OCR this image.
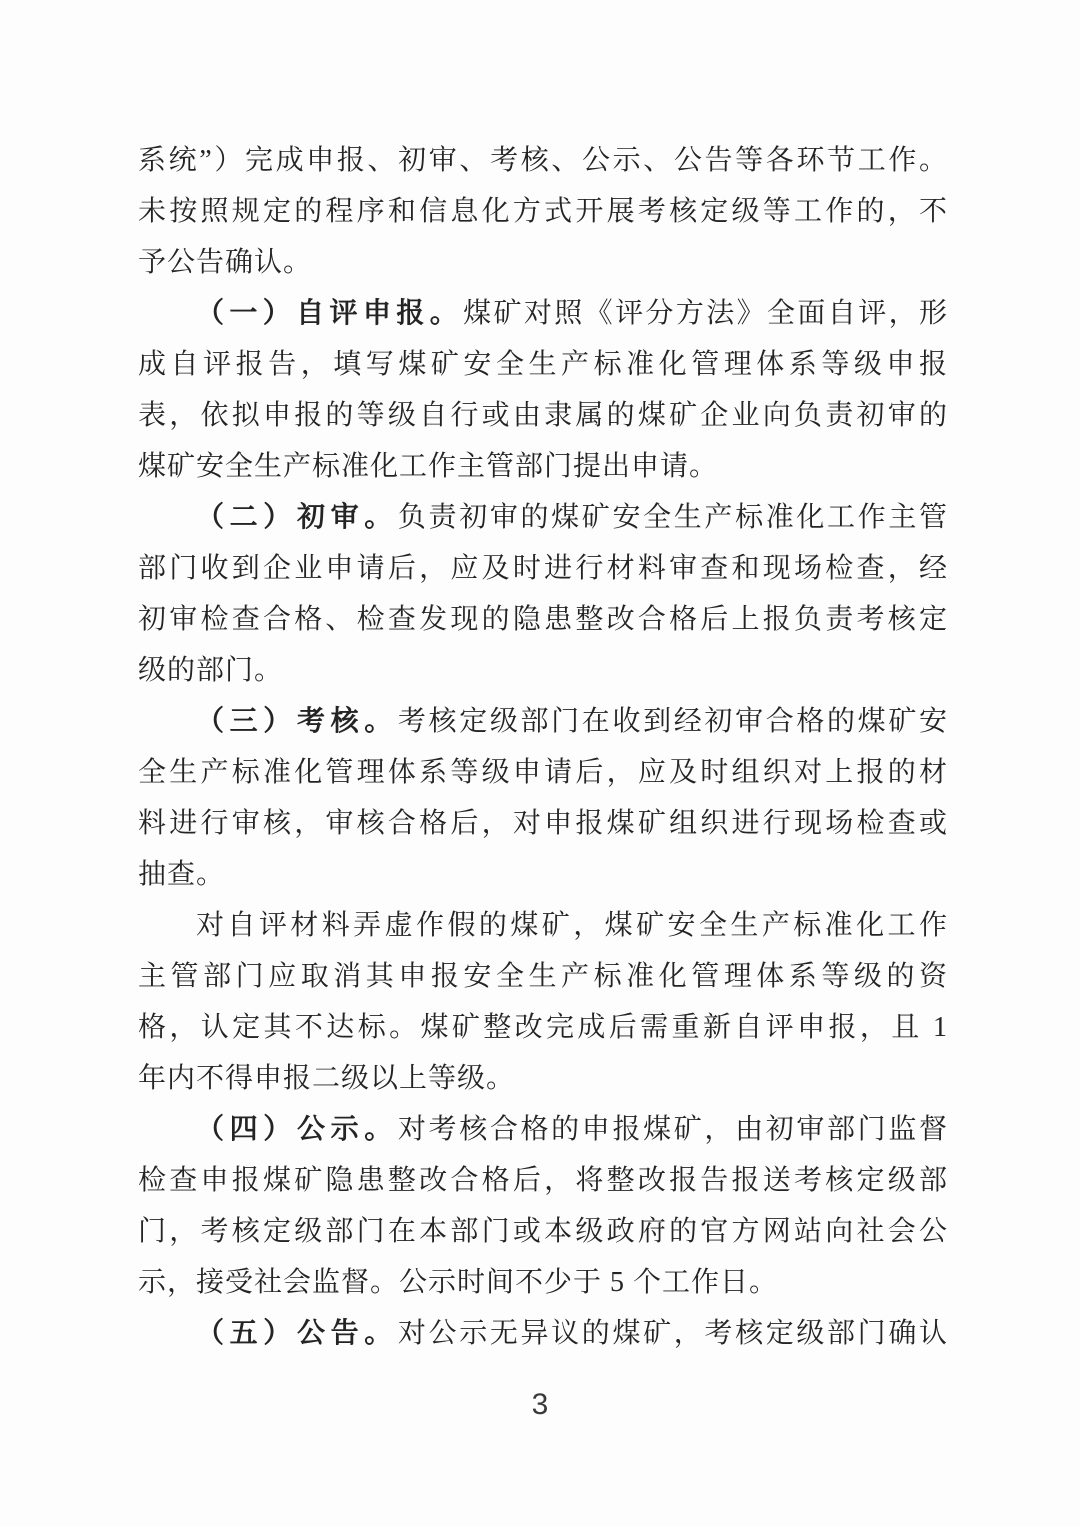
系统”）完成申报、初审、考核、公示、公告等各环节工作。
未按照规定的程序和信息化方式开展考核定级等工作的，不
予公告确认。
（一）自评申报。煤矿对照《评分方法》全面自评，形
成自评报告，填写煤矿安全生产标准化管理体系等级申报
表，依拟申报的等级自行或由隶属的煤矿企业向负责初审的
煤矿安全生产标准化工作主管部门提出申请。
（二）初审。负责初审的煤矿安全生产标准化工作主管
部门收到企业申请后，应及时进行材料审查和现场检查，经
初审检查合格、检查发现的隐患整改合格后上报负责考核定
级的部门。
（三）考核。考核定级部门在收到经初审合格的煤矿安
全生产标准化管理体系等级申请后，应及时组织对上报的材
料进行审核，审核合格后，对申报煤矿组织进行现场检查或
抽查。
对自评材料弄虚作假的煤矿，煤矿安全生产标准化工作
主管部门应取消其申报安全生产标准化管理体系等级的资
格，认定其不达标。煤矿整改完成后需重新自评申报，且 1
年内不得申报二级以上等级。
（四）公示。对考核合格的申报煤矿，由初审部门监督
检查申报煤矿隐患整改合格后，将整改报告报送考核定级部
门，考核定级部门在本部门或本级政府的官方网站向社会公
示，接受社会监督。公示时间不少于 5 个工作日。
（五）公告。对公示无异议的煤矿，考核定级部门确认
3
